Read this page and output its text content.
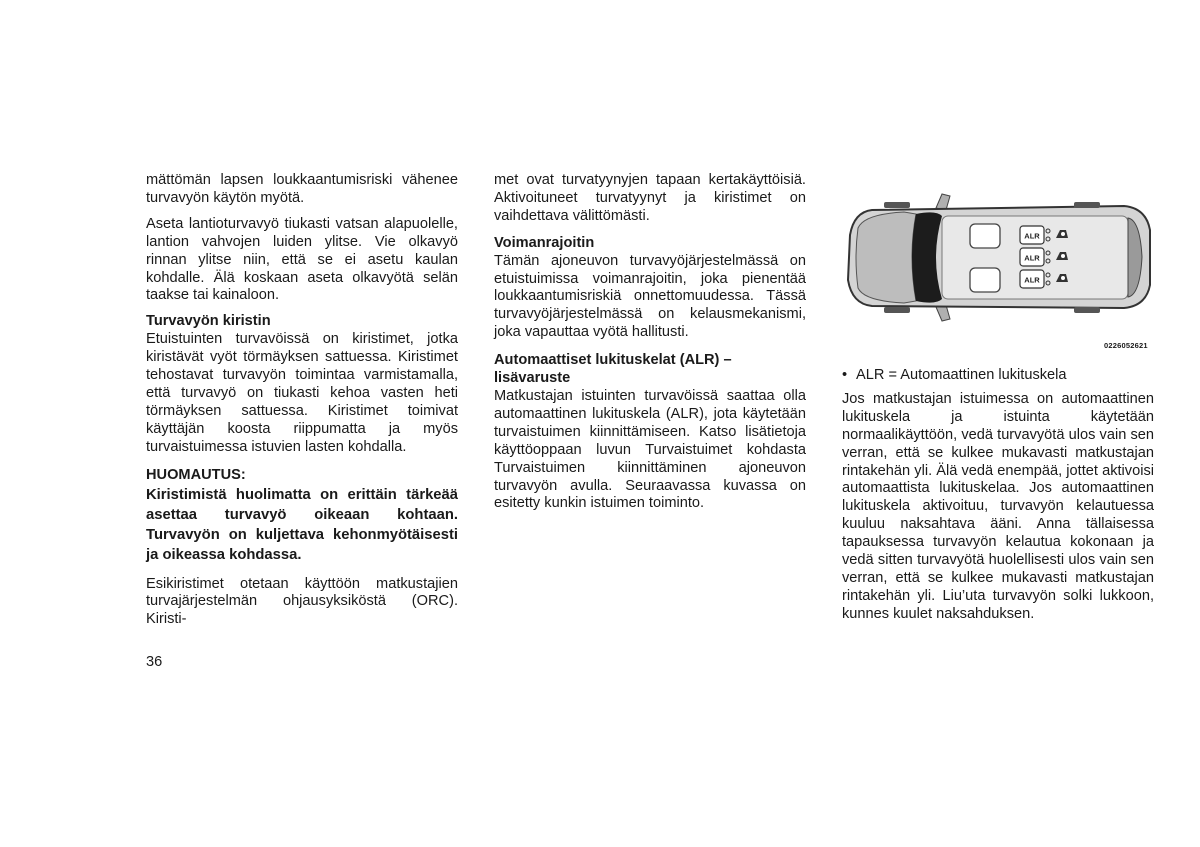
mättömän lapsen loukkaantumisriski vähenee turvavyön käytön myötä.

Aseta lantioturvavyö tiukasti vatsan alapuolelle, lantion vahvojen luiden ylitse. Vie olkavyö rinnan ylitse niin, että se ei asetu kaulan kohdalle. Älä koskaan aseta olkavyötä selän taakse tai kainaloon.

Turvavyön kiristin

Etuistuinten turvavöissä on kiristimet, jotka kiristävät vyöt törmäyksen sattuessa. Kiristimet tehostavat turvavyön toimintaa varmistamalla, että turvavyö on tiukasti kehoa vasten heti törmäyksen sattuessa. Kiristimet toimivat käyttäjän koosta riippumatta ja myös turvaistuimessa istuvien lasten kohdalla.

HUOMAUTUS:

Kiristimistä huolimatta on erittäin tärkeää asettaa turvavyö oikeaan kohtaan. Turvavyön on kuljettava kehonmyötäisesti ja oikeassa kohdassa.

Esikiristimet otetaan käyttöön matkustajien turvajärjestelmän ohjausyksiköstä (ORC). Kiristi-

met ovat turvatyynyjen tapaan kertakäyttöisiä. Aktivoituneet turvatyynyt ja kiristimet on vaihdettava välittömästi.

Voimanrajoitin

Tämän ajoneuvon turvavyöjärjestelmässä on etuistuimissa voimanrajoitin, joka pienentää loukkaantumisriskiä onnettomuudessa. Tässä turvavyöjärjestelmässä on kelausmekanismi, joka vapauttaa vyötä hallitusti.

Automaattiset lukituskelat (ALR) – lisävaruste

Matkustajan istuinten turvavöissä saattaa olla automaattinen lukituskela (ALR), jota käytetään turvaistuimen kiinnittämiseen. Katso lisätietoja käyttöoppaan luvun Turvaistuimet kohdasta Turvaistuimen kiinnittäminen ajoneuvon turvavyön avulla. Seuraavassa kuvassa on esitetty kunkin istuimen toiminto.

ALR
ALR
ALR
0226052621
• ALR = Automaattinen lukituskela

Jos matkustajan istuimessa on automaattinen lukituskela ja istuinta käytetään normaalikäyttöön, vedä turvavyötä ulos vain sen verran, että se kulkee mukavasti matkustajan rintakehän yli. Älä vedä enempää, jottet aktivoisi automaattista lukituskelaa. Jos automaattinen lukituskela aktivoituu, turvavyön kelautuessa kuuluu naksahtava ääni. Anna tällaisessa tapauksessa turvavyön kelautua kokonaan ja vedä sitten turvavyötä huolellisesti ulos vain sen verran, että se kulkee mukavasti matkustajan rintakehän yli. Liu’uta turvavyön solki lukkoon, kunnes kuulet naksahduksen.

36
